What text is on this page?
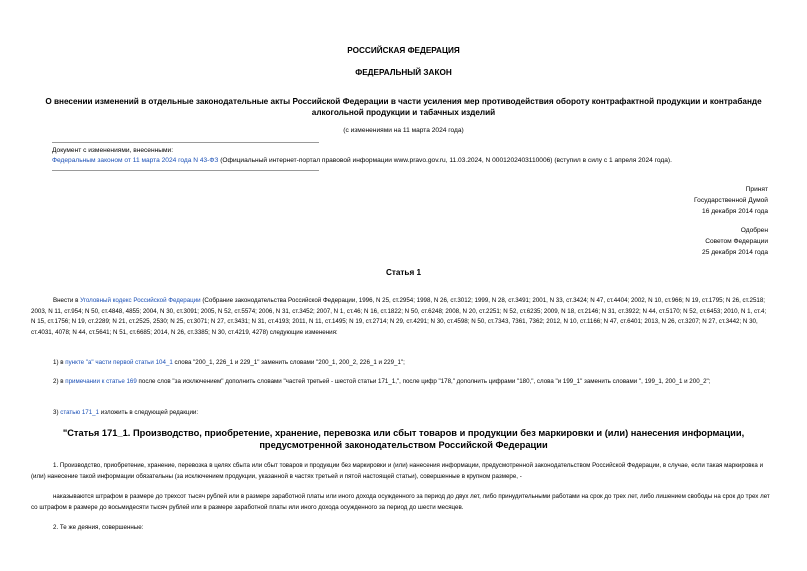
РОССИЙСКАЯ ФЕДЕРАЦИЯ
ФЕДЕРАЛЬНЫЙ ЗАКОН
О внесении изменений в отдельные законодательные акты Российской Федерации в части усиления мер противодействия обороту контрафактной продукции и контрабанде алкогольной продукции и табачных изделий
(с изменениями на 11 марта 2024 года)
Документ с изменениями, внесенными:
Федеральным законом от 11 марта 2024 года N 43-ФЗ (Официальный интернет-портал правовой информации www.pravo.gov.ru, 11.03.2024, N 0001202403110006) (вступил в силу с 1 апреля 2024 года).
Принят
Государственной Думой
16 декабря 2014 года
Одобрен
Советом Федерации
25 декабря 2014 года
Статья 1
Внести в Уголовный кодекс Российской Федерации (Собрание законодательства Российской Федерации, 1996, N 25, ст.2954; 1998, N 26, ст.3012; 1999, N 28, ст.3491; 2001, N 33, ст.3424; N 47, ст.4404; 2002, N 10, ст.966; N 19, ст.1795; N 26, ст.2518; 2003, N 11, ст.954; N 50, ст.4848, 4855; 2004, N 30, ст.3091; 2005, N 52, ст.5574; 2006, N 31, ст.3452; 2007, N 1, ст.46; N 16, ст.1822; N 50, ст.6248; 2008, N 20, ст.2251; N 52, ст.6235; 2009, N 18, ст.2146; N 31, ст.3922; N 44, ст.5170; N 52, ст.6453; 2010, N 1, ст.4; N 15, ст.1756; N 19, ст.2289; N 21, ст.2525, 2530; N 25, ст.3071; N 27, ст.3431; N 31, ст.4193; 2011, N 11, ст.1495; N 19, ст.2714; N 29, ст.4291; N 30, ст.4598; N 50, ст.7343, 7361, 7362; 2012, N 10, ст.1166; N 47, ст.6401; 2013, N 26, ст.3207; N 27, ст.3442; N 30, ст.4031, 4078; N 44, ст.5641; N 51, ст.6685; 2014, N 26, ст.3385; N 30, ст.4219, 4278) следующие изменения:
1) в пункте "а" части первой статьи 104_1 слова "200_1, 226_1 и 229_1" заменить словами "200_1, 200_2, 226_1 и 229_1";
2) в примечании к статье 169 после слов "за исключением" дополнить словами "частей третьей - шестой статьи 171_1,", после цифр "178," дополнить цифрами "180,", слова "и 199_1" заменить словами ", 199_1, 200_1 и 200_2";
3) статью 171_1 изложить в следующей редакции:
"Статья 171_1. Производство, приобретение, хранение, перевозка или сбыт товаров и продукции без маркировки и (или) нанесения информации, предусмотренной законодательством Российской Федерации
1. Производство, приобретение, хранение, перевозка в целях сбыта или сбыт товаров и продукции без маркировки и (или) нанесения информации, предусмотренной законодательством Российской Федерации, в случае, если такая маркировка и (или) нанесение такой информации обязательны (за исключением продукции, указанной в частях третьей и пятой настоящей статьи), совершенные в крупном размере, -
наказываются штрафом в размере до трехсот тысяч рублей или в размере заработной платы или иного дохода осужденного за период до двух лет, либо принудительными работами на срок до трех лет, либо лишением свободы на срок до трех лет со штрафом в размере до восьмидесяти тысяч рублей или в размере заработной платы или иного дохода осужденного за период до шести месяцев.
2. Те же деяния, совершенные:
